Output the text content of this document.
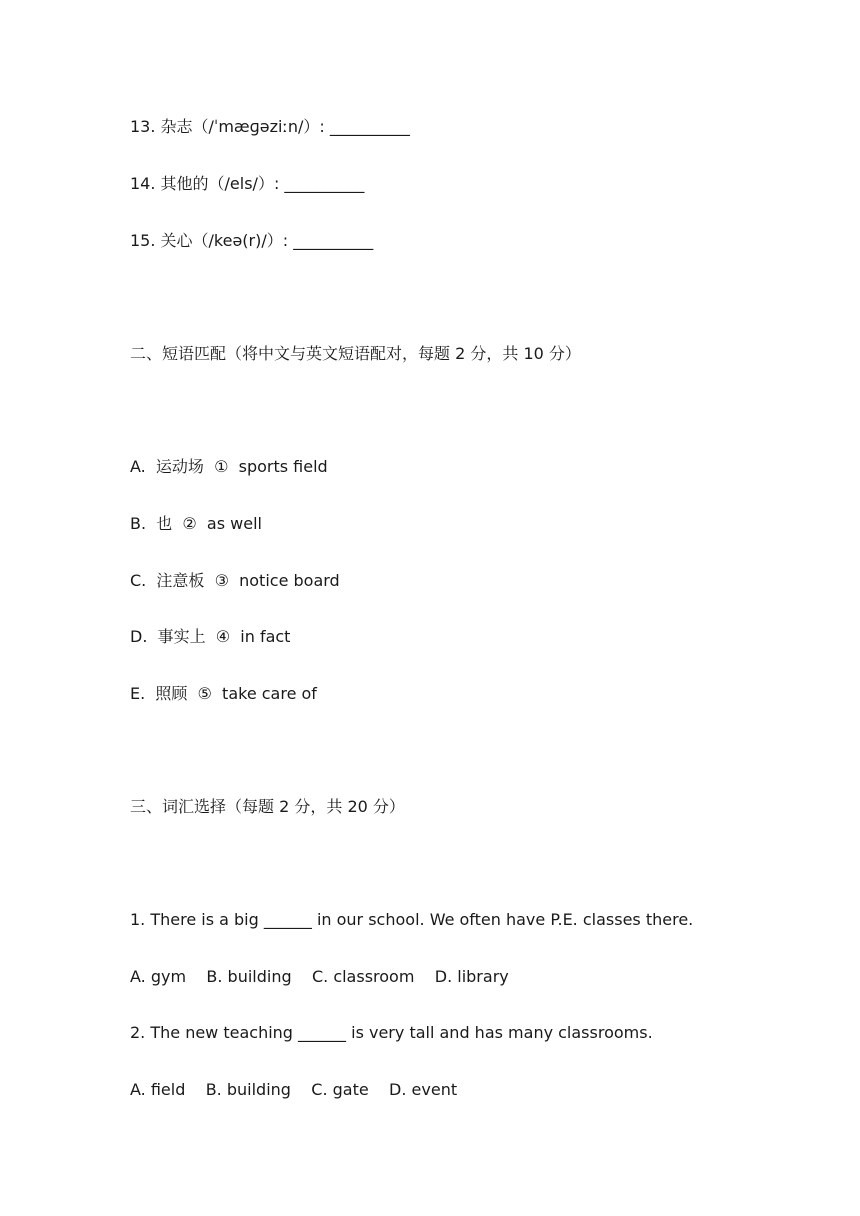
13. 杂志（/ˈmæɡəziːn/）: __________

14. 其他的（/els/）: __________

15. 关心（/keə(r)/）: __________

二、短语匹配（将中文与英文短语配对，每题 2 分，共 10 分）

A.  运动场  ①  sports field

B.  也  ②  as well

C.  注意板  ③  notice board

D.  事实上  ④  in fact

E.  照顾  ⑤  take care of

三、词汇选择（每题 2 分，共 20 分）

1. There is a big ______ in our school. We often have P.E. classes there.

A. gym    B. building    C. classroom    D. library

2. The new teaching ______ is very tall and has many classrooms.

A. field    B. building    C. gate    D. event
